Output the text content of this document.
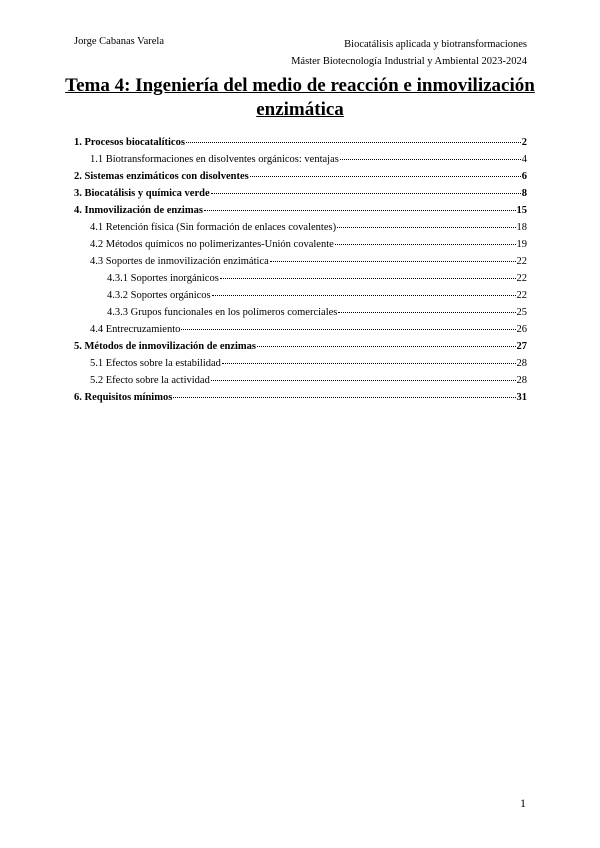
Jorge Cabanas Varela	Biocatálisis aplicada y biotransformaciones
Máster Biotecnología Industrial y Ambiental 2023-2024
Tema 4: Ingeniería del medio de reacción e inmovilización enzimática
1. Procesos biocatalíticos	2
1.1 Biotransformaciones en disolventes orgánicos: ventajas	4
2. Sistemas enzimáticos con disolventes	6
3. Biocatálisis y química verde	8
4. Inmovilización de enzimas	15
4.1 Retención física (Sin formación de enlaces covalentes)	18
4.2 Métodos químicos no polimerizantes-Unión covalente	19
4.3 Soportes de inmovilización enzimática	22
4.3.1 Soportes inorgánicos	22
4.3.2 Soportes orgánicos	22
4.3.3 Grupos funcionales en los polímeros comerciales	25
4.4 Entrecruzamiento	26
5. Métodos de inmovilización de enzimas	27
5.1 Efectos sobre la estabilidad	28
5.2 Efecto sobre la actividad	28
6. Requisitos mínimos	31
1
